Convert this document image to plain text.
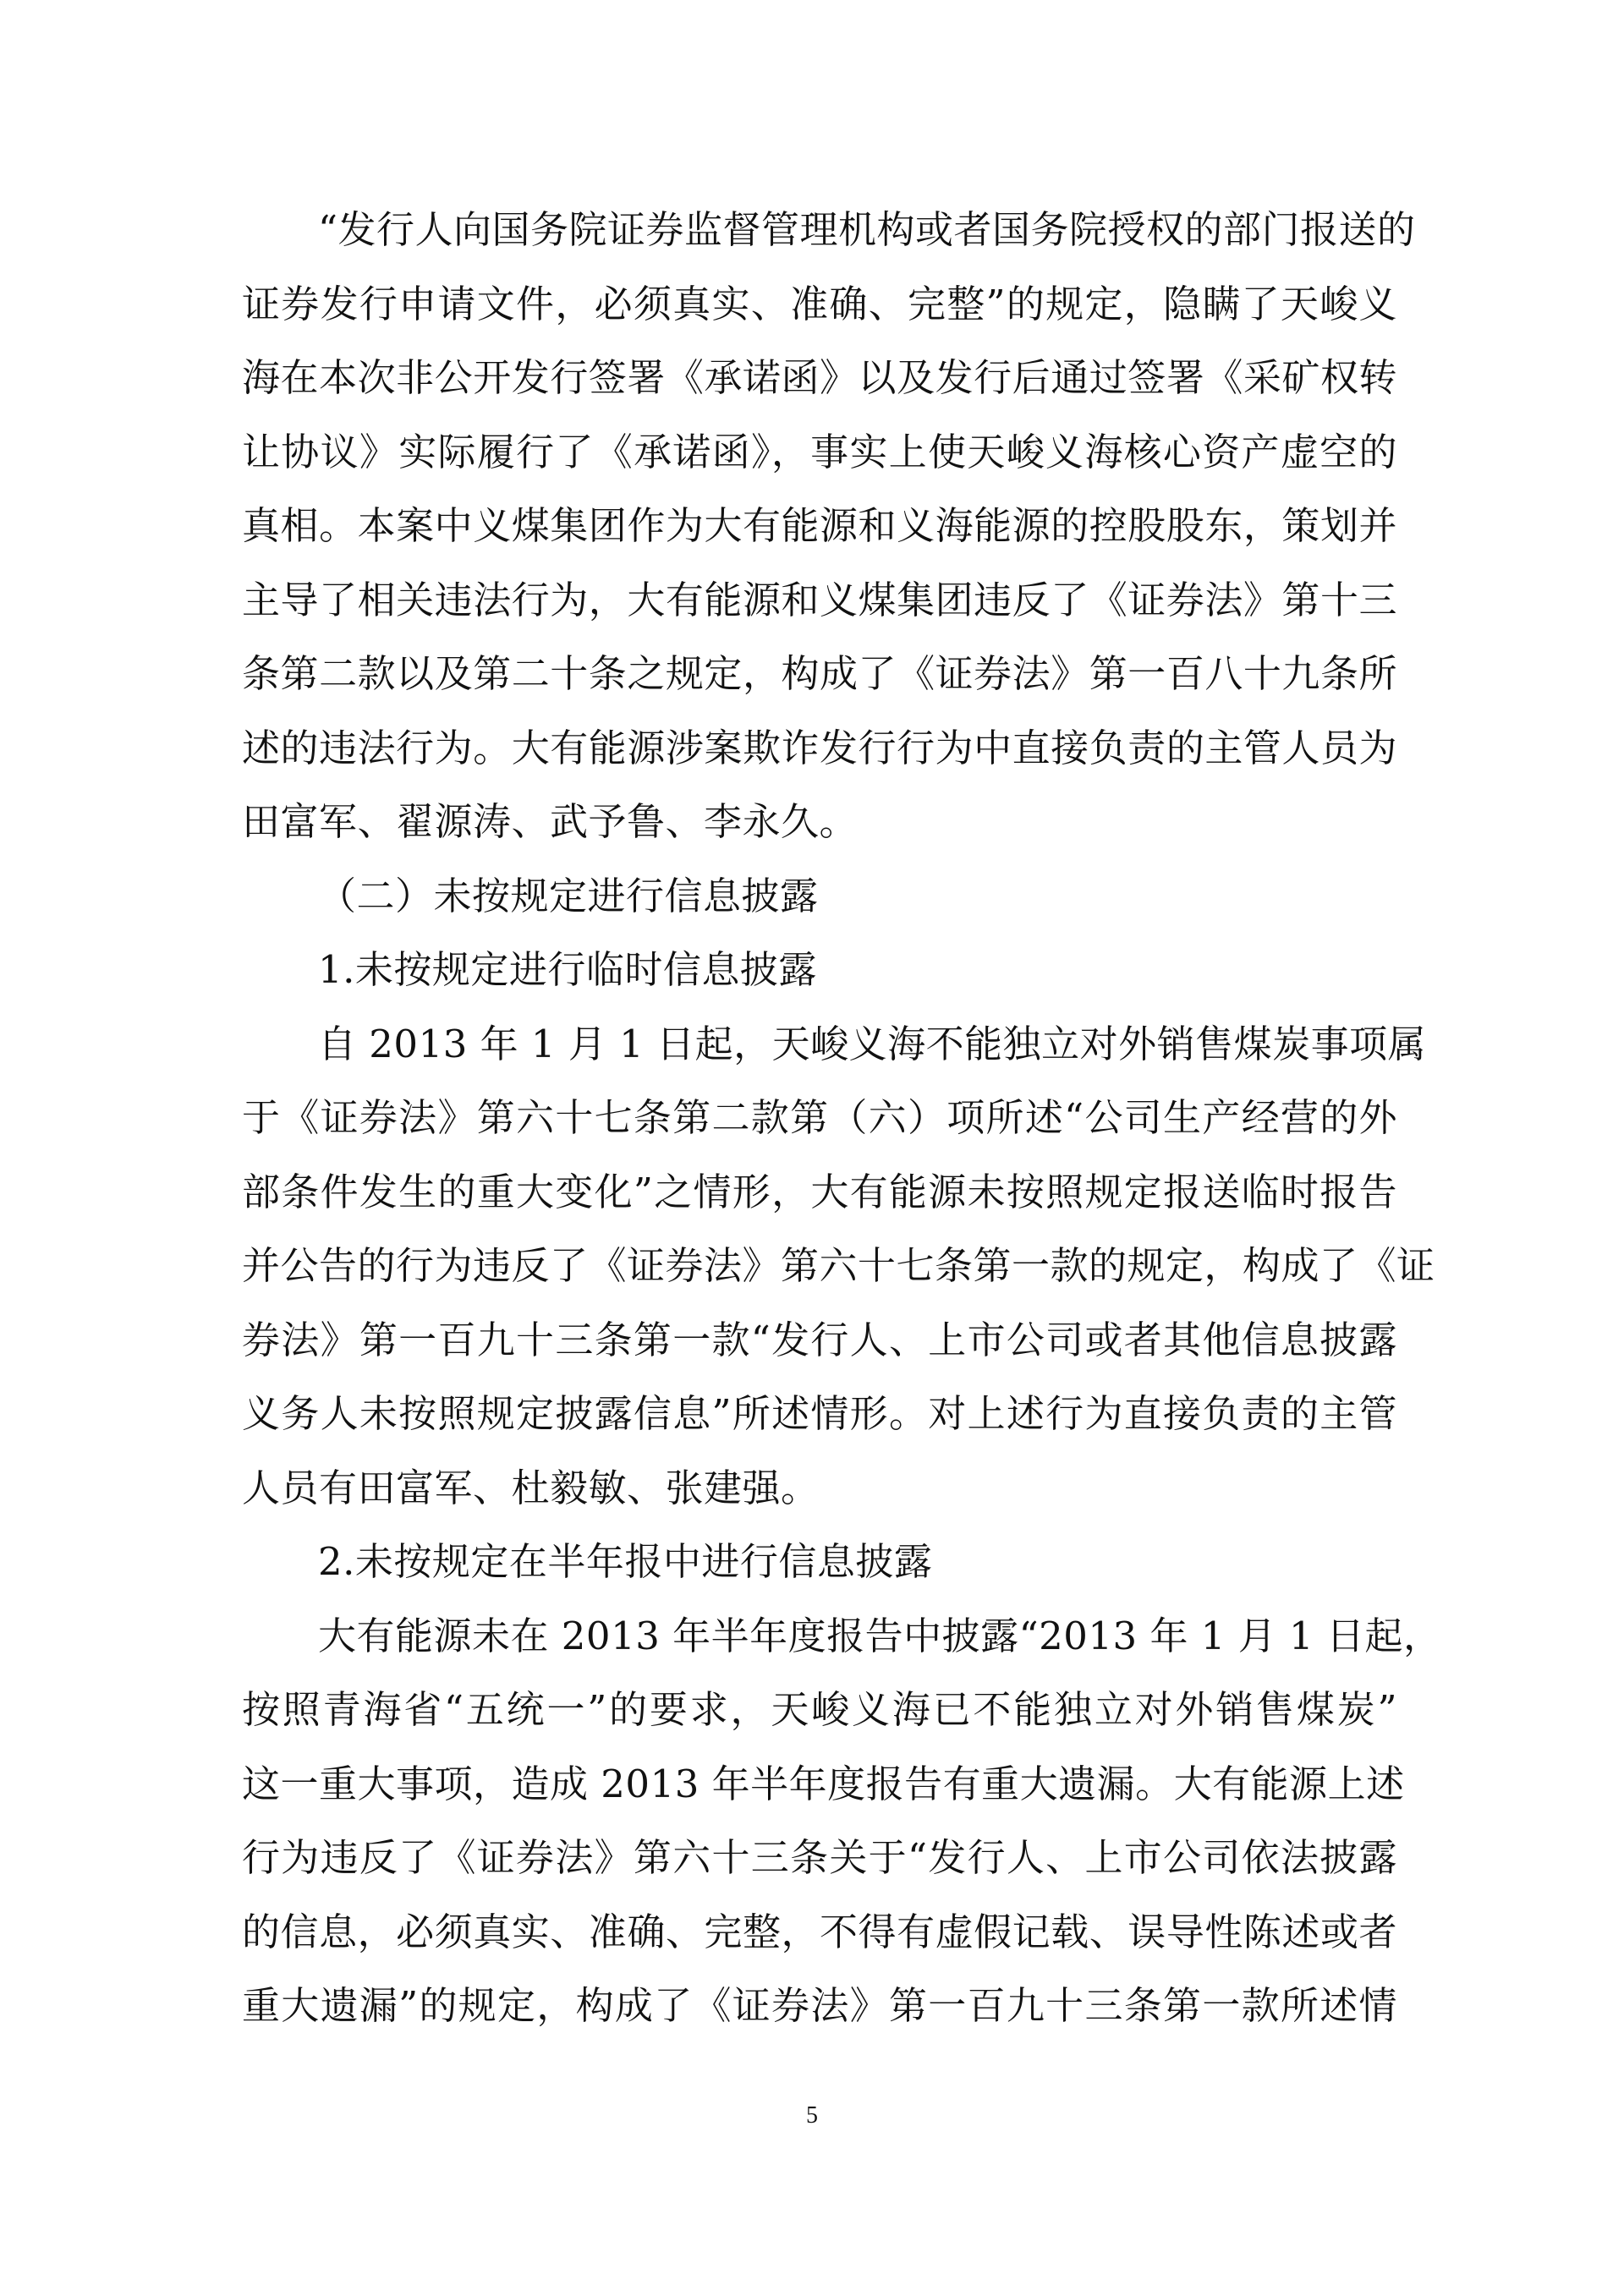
“发行人向国务院证券监督管理机构或者国务院授权的部门报送的
证券发行申请文件，必须真实、准确、完整”的规定，隐瞒了天峻义
海在本次非公开发行签署《承诺函》以及发行后通过签署《采矿权转
让协议》实际履行了《承诺函》，事实上使天峻义海核心资产虚空的
真相。本案中义煤集团作为大有能源和义海能源的控股股东，策划并
主导了相关违法行为，大有能源和义煤集团违反了《证券法》第十三
条第二款以及第二十条之规定，构成了《证券法》第一百八十九条所
述的违法行为。大有能源涉案欺诈发行行为中直接负责的主管人员为
田富军、翟源涛、武予鲁、李永久。
（二）未按规定进行信息披露
1.未按规定进行临时信息披露
自 2013 年 1 月 1 日起，天峻义海不能独立对外销售煤炭事项属
于《证券法》第六十七条第二款第（六）项所述“公司生产经营的外
部条件发生的重大变化”之情形，大有能源未按照规定报送临时报告
并公告的行为违反了《证券法》第六十七条第一款的规定，构成了《证
券法》第一百九十三条第一款“发行人、上市公司或者其他信息披露
义务人未按照规定披露信息”所述情形。对上述行为直接负责的主管
人员有田富军、杜毅敏、张建强。
2.未按规定在半年报中进行信息披露
大有能源未在 2013 年半年度报告中披露“2013 年 1 月 1 日起，
按照青海省“五统一”的要求，天峻义海已不能独立对外销售煤炭”
这一重大事项，造成 2013 年半年度报告有重大遗漏。大有能源上述
行为违反了《证券法》第六十三条关于“发行人、上市公司依法披露
的信息，必须真实、准确、完整，不得有虚假记载、误导性陈述或者
重大遗漏”的规定，构成了《证券法》第一百九十三条第一款所述情
5
